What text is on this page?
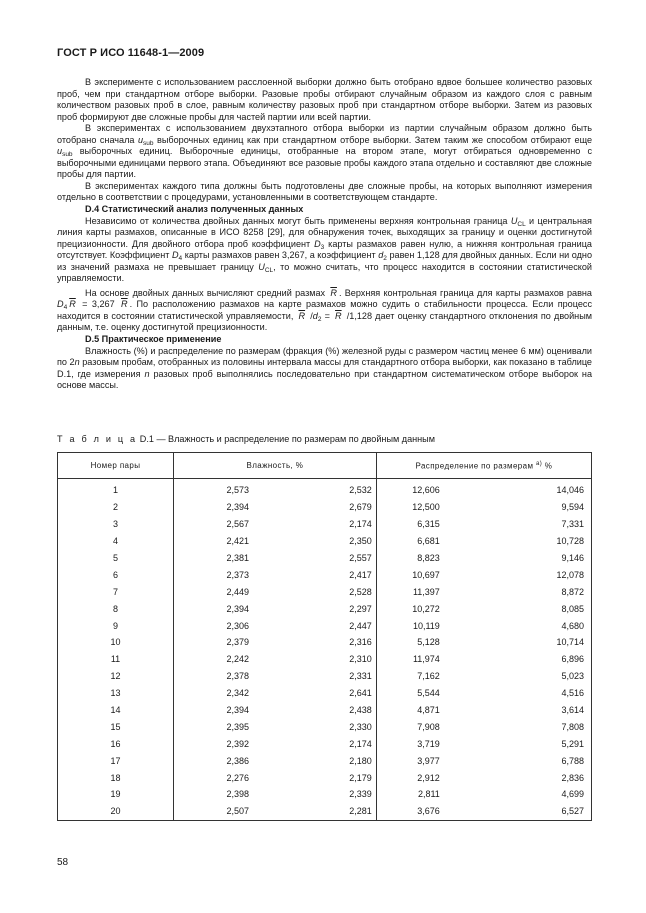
ГОСТ Р ИСО 11648-1—2009

В эксперименте с использованием расслоенной выборки должно быть отобрано вдвое большее количество разовых проб, чем при стандартном отборе выборки. Разовые пробы отбирают случайным образом из каждого слоя с равным количеством разовых проб в слое, равным количеству разовых проб при стандартном отборе выборки. Затем из разовых проб формируют две сложные пробы для частей партии или всей партии.

В экспериментах с использованием двухэтапного отбора выборки из партии случайным образом должно быть отобрано сначала $u_{sub}$ выборочных единиц как при стандартном отборе выборки. Затем таким же способом отбирают еще $u_{sub}$ выборочных единиц. Выборочные единицы, отобранные на втором этапе, могут отбираться одновременно с выборочными единицами первого этапа. Объединяют все разовые пробы каждого этапа отдельно и составляют две сложные пробы для партии.

В экспериментах каждого типа должны быть подготовлены две сложные пробы, на которых выполняют измерения отдельно в соответствии с процедурами, установленными в соответствующем стандарте.

D.4 Статистический анализ полученных данных

Независимо от количества двойных данных могут быть применены верхняя контрольная граница $U_{CL}$ и центральная линия карты размахов, описанные в ИСО 8258 [29], для обнаружения точек, выходящих за границу и оценки достигнутой прецизионности. Для двойного отбора проб коэффициент $D_3$ карты размахов равен нулю, а нижняя контрольная граница отсутствует. Коэффициент $D_4$ карты размахов равен 3,267, а коэффициент $d_2$ равен 1,128 для двойных данных. Если ни одно из значений размаха не превышает границу $U_{CL}$, то можно считать, что процесс находится в состоянии статистической управляемости.

На основе двойных данных вычисляют средний размах $\overline{R}$ . Верхняя контрольная граница для карты размахов равна $D_4$ $\overline{R} = 3,267$ $\overline{R}$ . По расположению размахов на карте размахов можно судить о стабильности процесса. Если процесс находится в состоянии статистической управляемости, $\overline{R}$ $/d_2 = \overline{R}$ /1,128 дает оценку стандартного отклонения по двойным данным, т.е. оценку достигнутой прецизионности.

D.5 Практическое применение

Влажность (%) и распределение по размерам (фракция (%) железной руды с размером частиц менее 6 мм) оценивали по 2n разовым пробам, отобранных из половины интервала массы для стандартного отбора выборки, как показано в таблице D.1, где измерения n разовых проб выполнялись последовательно при стандартном систематическом отборе выборок на основе массы.

Т а б л и ц а D.1 — Влажность и распределение по размерам по двойным данным
Номер пары	Влажность, %	Распределение по размерам $^{a)}$ %

1	2,573 2,532	12,606 14,046

2	2,394 2,679	12,500 9,594

3	2,567 2,174	6,315 7,331

4	2,421 2,350	6,681 10,728

5	2,381 2,557	8,823 9,146

6	2,373 2,417	10,697 12,078

7	2,449 2,528	11,397 8,872

8	2,394 2,297	10,272 8,085

9	2,306 2,447	10,119 4,680

10	2,379 2,316	5,128 10,714

11	2,242 2,310	11,974 6,896

12	2,378 2,331	7,162 5,023

13	2,342 2,641	5,544 4,516

14	2,394 2,438	4,871 3,614

15	2,395 2,330	7,908 7,808

16	2,392 2,174	3,719 5,291

17	2,386 2,180	3,977 6,788

18	2,276 2,179	2,912 2,836

19	2,398 2,339	2,811 4,699

20	2,507 2,281	3,676 6,527
58
